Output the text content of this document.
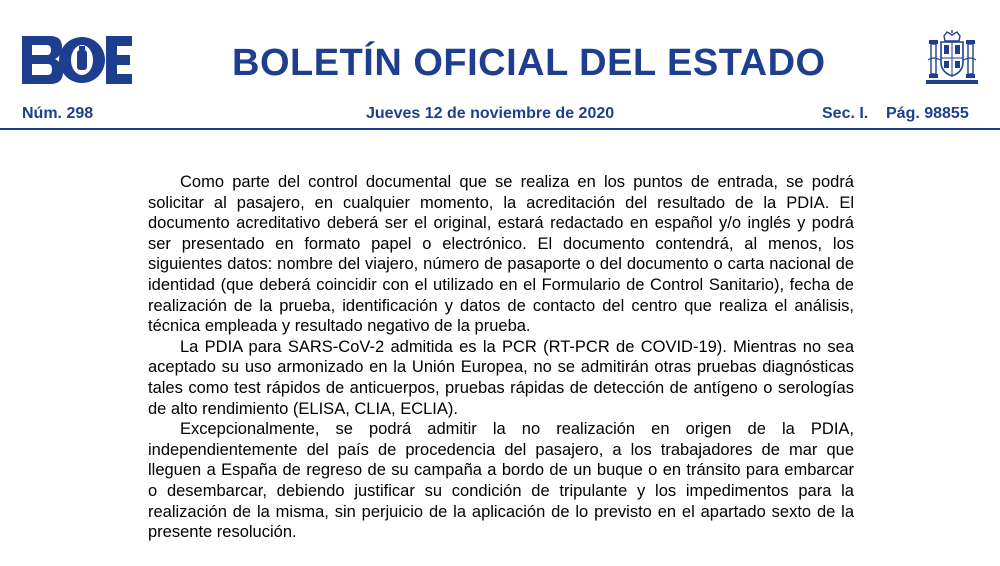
BOLETÍN OFICIAL DEL ESTADO
Núm. 298	Jueves 12 de noviembre de 2020	Sec. I. Pág. 98855

Como parte del control documental que se realiza en los puntos de entrada, se podrá solicitar al pasajero, en cualquier momento, la acreditación del resultado de la PDIA. El documento acreditativo deberá ser el original, estará redactado en español y/o inglés y podrá ser presentado en formato papel o electrónico. El documento contendrá, al menos, los siguientes datos: nombre del viajero, número de pasaporte o del documento o carta nacional de identidad (que deberá coincidir con el utilizado en el Formulario de Control Sanitario), fecha de realización de la prueba, identificación y datos de contacto del centro que realiza el análisis, técnica empleada y resultado negativo de la prueba.

La PDIA para SARS-CoV-2 admitida es la PCR (RT-PCR de COVID-19). Mientras no sea aceptado su uso armonizado en la Unión Europea, no se admitirán otras pruebas diagnósticas tales como test rápidos de anticuerpos, pruebas rápidas de detección de antígeno o serologías de alto rendimiento (ELISA, CLIA, ECLIA).

Excepcionalmente, se podrá admitir la no realización en origen de la PDIA, independientemente del país de procedencia del pasajero, a los trabajadores de mar que lleguen a España de regreso de su campaña a bordo de un buque o en tránsito para embarcar o desembarcar, debiendo justificar su condición de tripulante y los impedimentos para la realización de la misma, sin perjuicio de la aplicación de lo previsto en el apartado sexto de la presente resolución.
